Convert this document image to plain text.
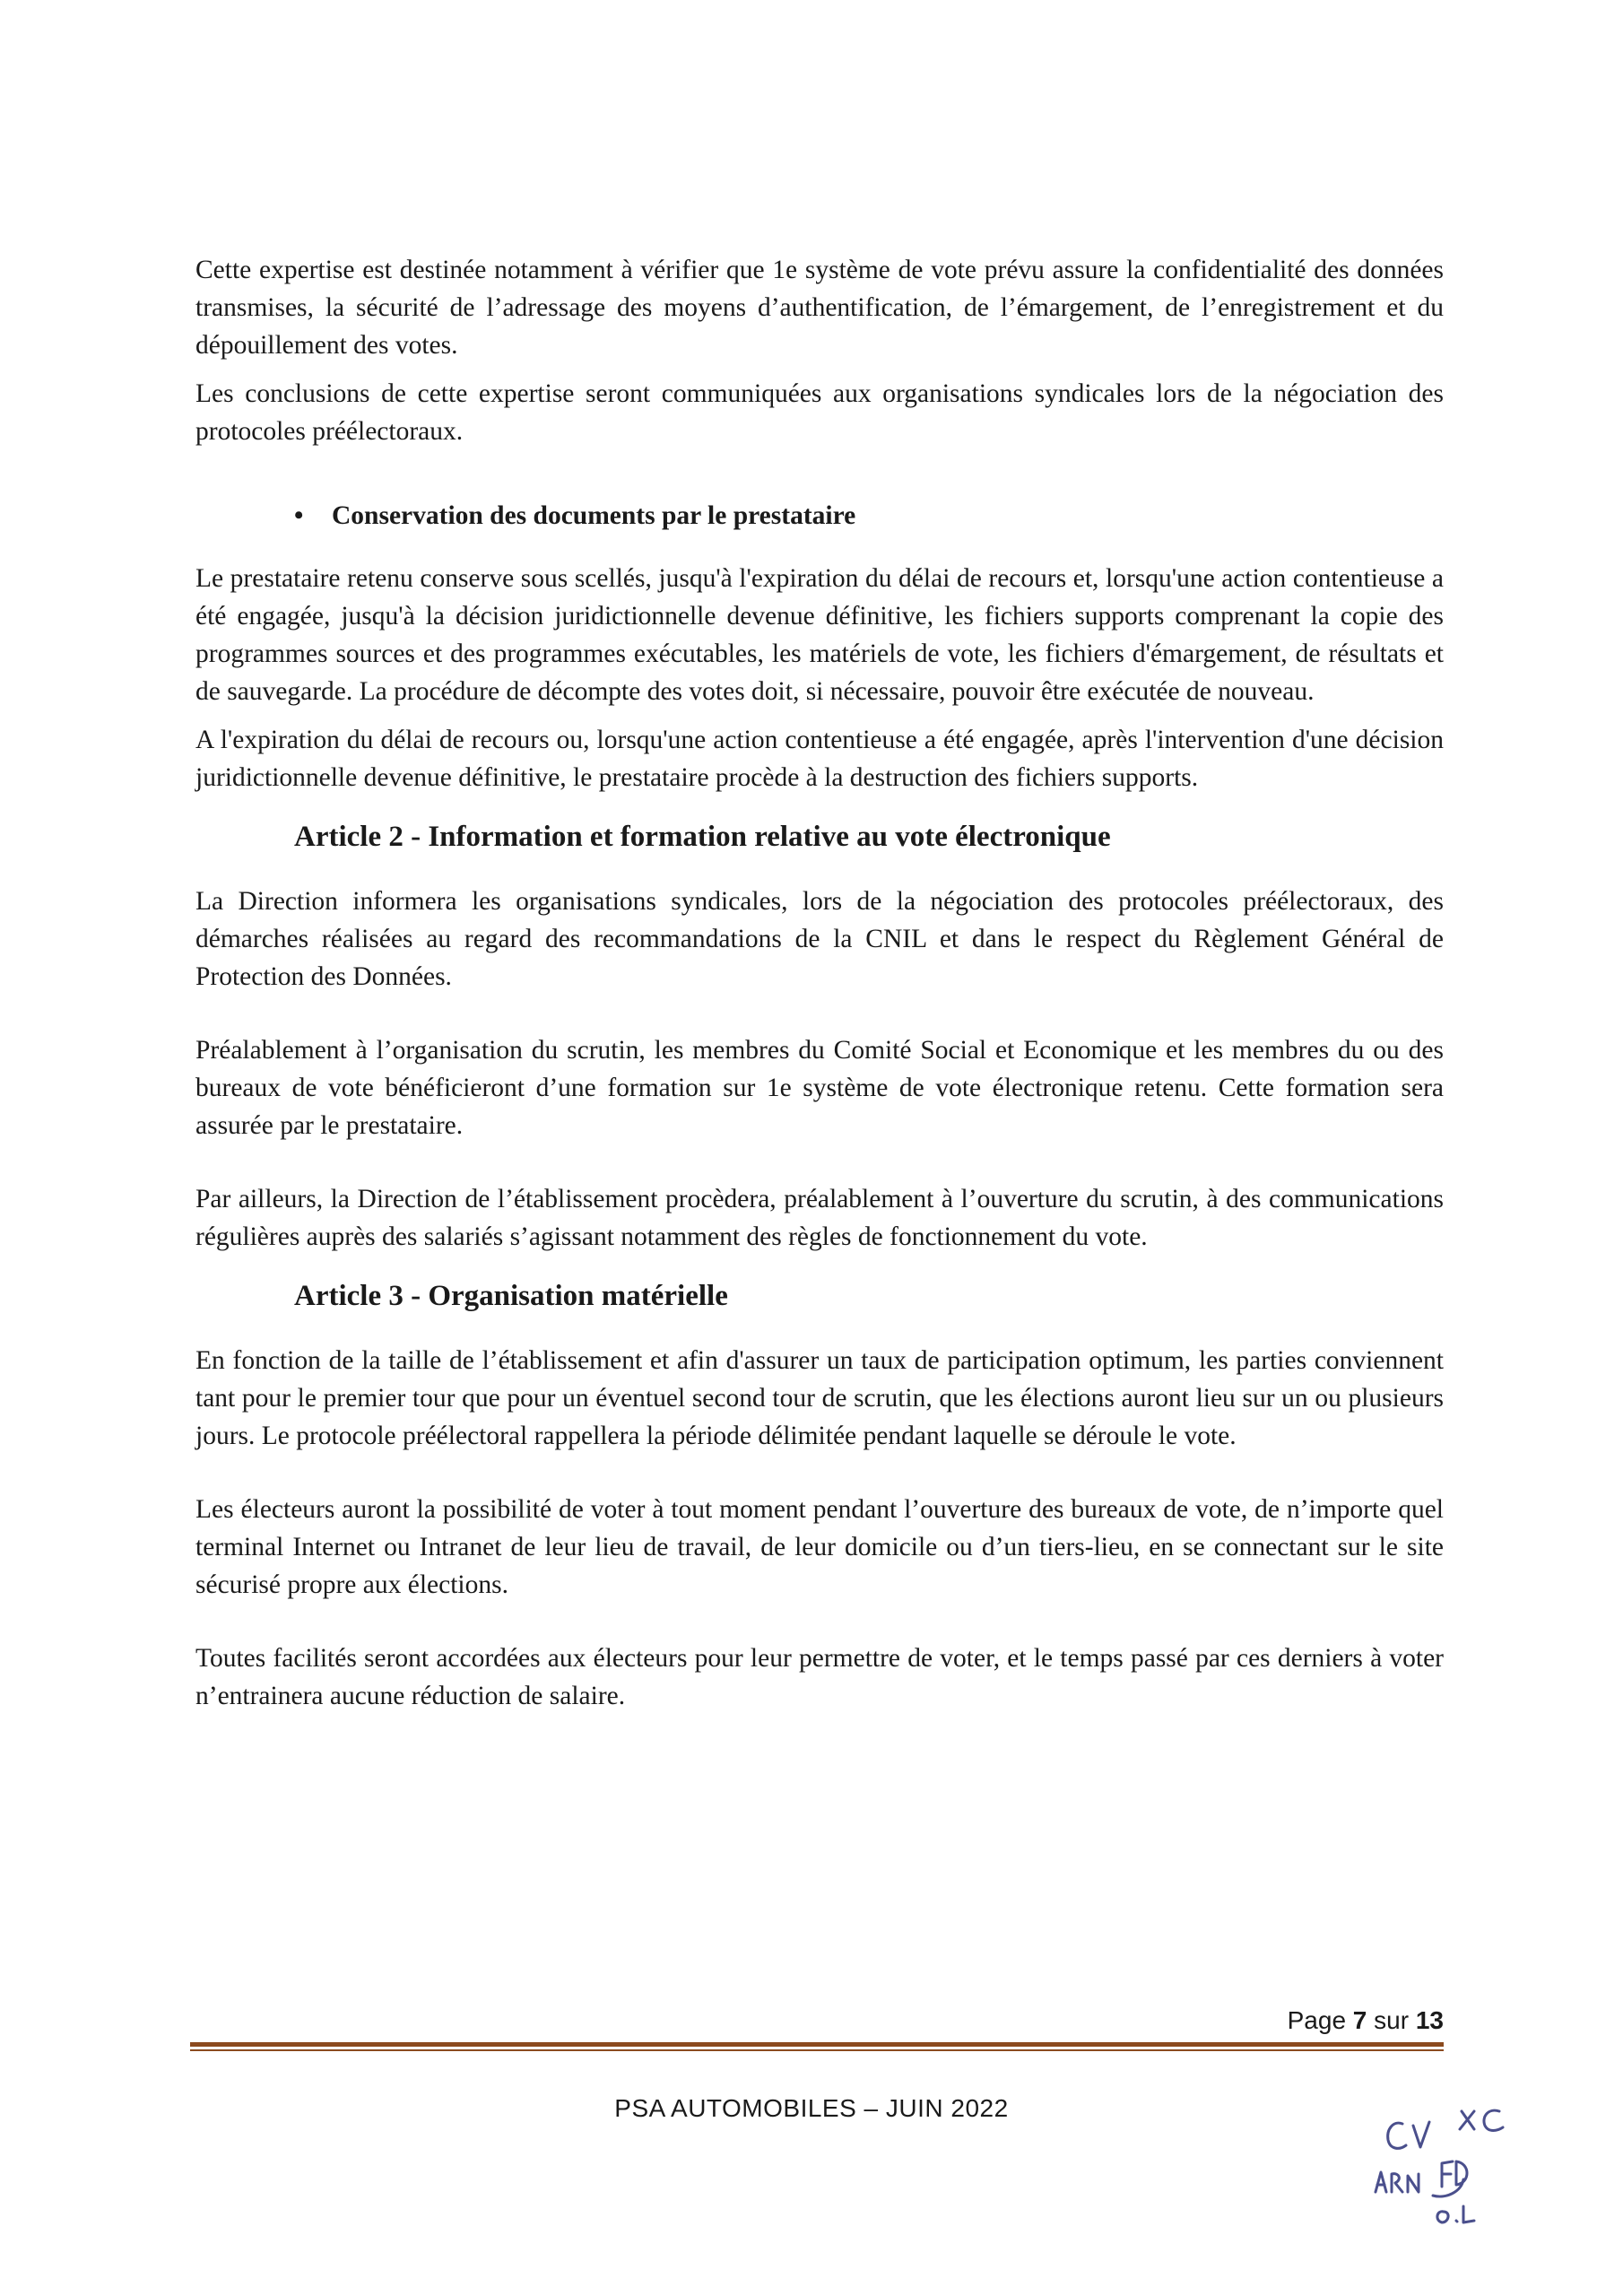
Cette expertise est destinée notamment à vérifier que 1e système de vote prévu assure la confidentialité des données transmises, la sécurité de l’adressage des moyens d’authentification, de l’émargement, de l’enregistrement et du dépouillement des votes.

Les conclusions de cette expertise seront communiquées aux organisations syndicales lors de la négociation des protocoles préélectoraux.

• Conservation des documents par le prestataire

Le prestataire retenu conserve sous scellés, jusqu'à l'expiration du délai de recours et, lorsqu'une action contentieuse a été engagée, jusqu'à la décision juridictionnelle devenue définitive, les fichiers supports comprenant la copie des programmes sources et des programmes exécutables, les matériels de vote, les fichiers d'émargement, de résultats et de sauvegarde. La procédure de décompte des votes doit, si nécessaire, pouvoir être exécutée de nouveau.

A l'expiration du délai de recours ou, lorsqu'une action contentieuse a été engagée, après l'intervention d'une décision juridictionnelle devenue définitive, le prestataire procède à la destruction des fichiers supports.

Article 2 - Information et formation relative au vote électronique

La Direction informera les organisations syndicales, lors de la négociation des protocoles préélectoraux, des démarches réalisées au regard des recommandations de la CNIL et dans le respect du Règlement Général de Protection des Données.

Préalablement à l’organisation du scrutin, les membres du Comité Social et Economique et les membres du ou des bureaux de vote bénéficieront d’une formation sur 1e système de vote électronique retenu. Cette formation sera assurée par le prestataire.

Par ailleurs, la Direction de l’établissement procèdera, préalablement à l’ouverture du scrutin, à des communications régulières auprès des salariés s’agissant notamment des règles de fonctionnement du vote.

Article 3 - Organisation matérielle

En fonction de la taille de l’établissement et afin d'assurer un taux de participation optimum, les parties conviennent tant pour le premier tour que pour un éventuel second tour de scrutin, que les élections auront lieu sur un ou plusieurs jours. Le protocole préélectoral rappellera la période délimitée pendant laquelle se déroule le vote.

Les électeurs auront la possibilité de voter à tout moment pendant l’ouverture des bureaux de vote, de n’importe quel terminal Internet ou Intranet de leur lieu de travail, de leur domicile ou d’un tiers-lieu, en se connectant sur le site sécurisé propre aux élections.

Toutes facilités seront accordées aux électeurs pour leur permettre de voter, et le temps passé par ces derniers à voter n’entrainera aucune réduction de salaire.

Page 7 sur 13
PSA AUTOMOBILES – JUIN 2022
